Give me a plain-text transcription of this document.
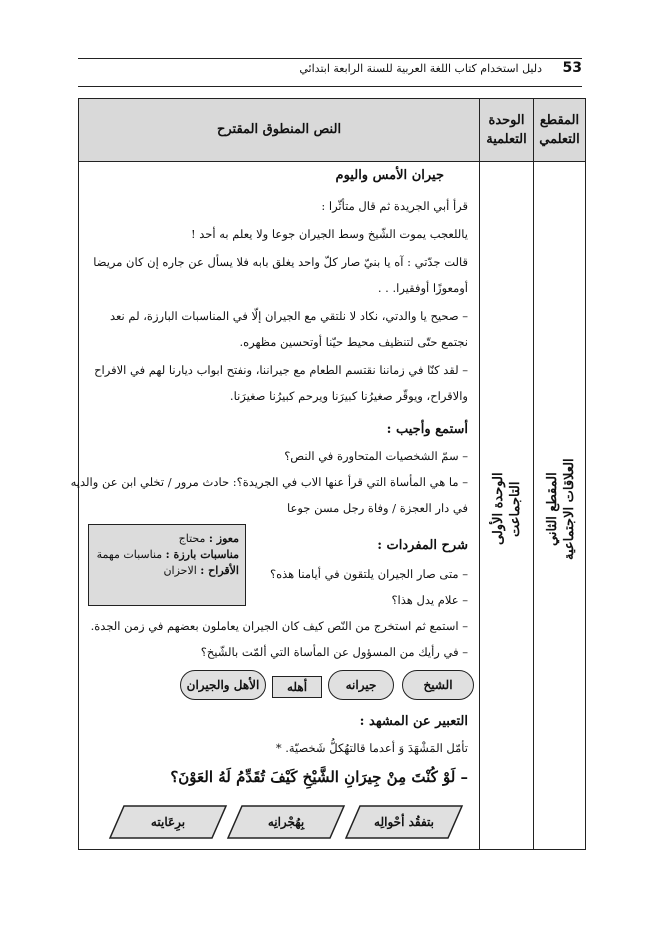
53
دليل استخدام كتاب اللغة العربية للسنة الرابعة ابتدائي
المقطع التعلمي
الوحدة التعلمية
النص المنطوق المقترح
المقطع الثاني
العلاقات الاجتماعية
الوحدة الأولى
التاجماعت
جيران الأمس واليوم
قرأ أبي الجريدة ثم قال متأثّرا :
ياللعجب يموت الشّيخ وسط الجيران جوعا ولا يعلم به أحد !
قالت جدّتي : آه يا بنيّ صار كلّ واحد يغلق بابه فلا يسأل عن جاره إن كان مريضا
أومعوزًا أوفقيرا. . .
– صحيح يا والدتي، نكاد لا نلتقي مع الجيران إلّا في المناسبات البارزة، لم نعد
نجتمع حتّى لتنظيف محيط حيّنا أوتحسين مظهره.
– لقد كنّا في زماننا نقتسم الطعام مع جيراننا، ونفتح ابواب ديارنا لهم في الافراح
والاقراح، ويوقّر صغيرُنا كبيرَنا ويرحم كبيرُنا صغيرَنا.
أستمع وأجيب :
– سمّ الشخصيات المتحاورة في النص؟
– ما هي المأساة التي قرأ عنها الاب في الجريدة؟: حادث مرور / تخلي ابن عن والديه
في دار العجزة / وفاة رجل مسن جوعا
شرح المفردات :
معوز : محتاج
مناسبات بارزة : مناسبات مهمة
الأقراح : الاحزان	– متى صار الجيران يلتقون في أيامنا هذه؟
– علام يدل هذا؟
– استمع ثم استخرج من النّص كيف كان الجيران يعاملون بعضهم في زمن الجدة.
– في رأيك من المسؤول عن المأساة التي ألمّت بالشّيخ؟
الشيخ
جيرانه
أهله
الأهل والجيران
التعبير عن المشهد :
تأمّل المَشْهَدَ وَ أعدما قالتهُكلُّ شَخصيّة. *
– لَوْ كُنْتَ مِنْ جِيرَانِ الشَّيْخِ كَيْفَ تُقَدِّمُ لَهُ العَوْنَ؟
بتفقُد أحْوالِه
بِهُجْرانِه
برِعَايته
